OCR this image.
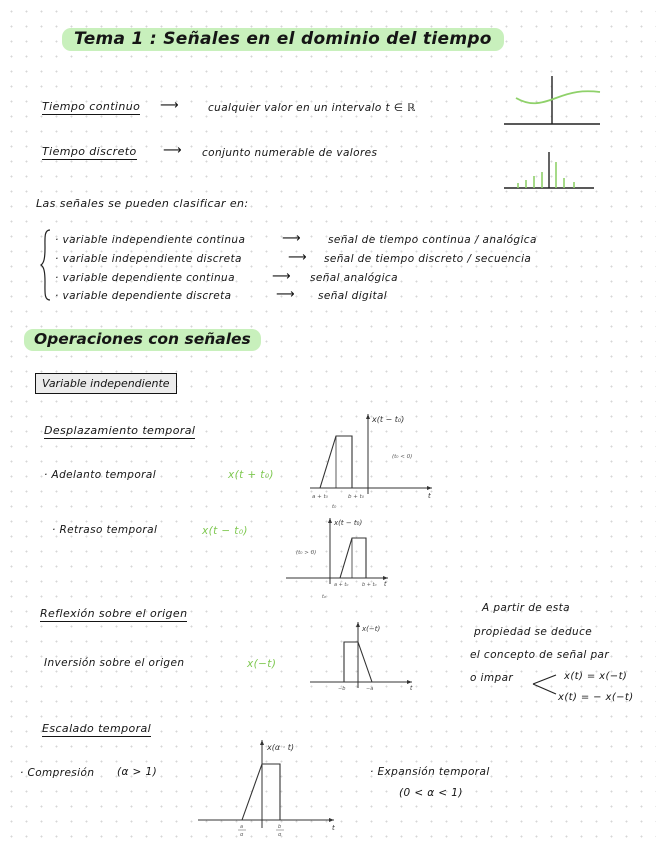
Tema 1 : Señales en el dominio del tiempo
Tiempo continuo ⟶	cualquier valor en un intervalo t ∈ ℝ
Tiempo discreto ⟶ conjunto numerable de valores
Las señales se pueden clasificar en:
· variable independiente continua	⟶	señal de tiempo continua / analógica
· variable independiente discreta	⟶ señal de tiempo discreto / secuencia
· variable dependiente continua	⟶ señal analógica
· variable dependiente discreta	⟶ señal digital
Operaciones con señales
Variable independiente
Desplazamiento temporal
· Adelanto temporal	x(t + t₀)
· Retraso temporal	x(t − t₀)
x(t − t₀)
(t₀ < 0)
a + t₀	b + t₀	t
t₀
x(t − t₀)
(t₀ > 0)
a + t₀	b + t₀ t
t₀
Reflexión sobre el origen
Inversión sobre el origen	x(−t)
x(−t)
−b	−a	t
A partir de esta
propiedad se deduce
el concepto de señal par
o impar	x(t) = x(−t)
x(t) = − x(−t)
Escalado temporal
· Compresión (α > 1)	· Expansión temporal
(0 < α < 1)
x(α · t)
a
α
b
α
t
